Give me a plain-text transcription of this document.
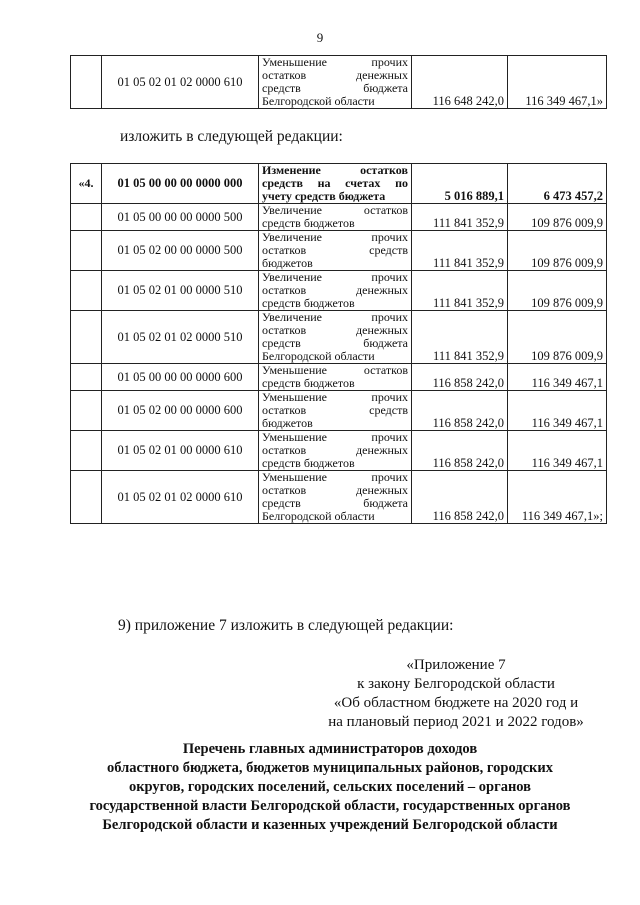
9
	01 05 02 01 02 0000 610	
Уменьшение прочих
остатков денежных
средств бюджета
Белгородской области	116 648 242,0	116 349 467,1»
изложить в следующей редакции:
«4.	01 05 00 00 00 0000 000	Изменение остатков
средств на счетах по
учету средств бюджета	5 016 889,1	6 473 457,2
	01 05 00 00 00 0000 500	Увеличение остатков
средств бюджетов	111 841 352,9	109 876 009,9
	01 05 02 00 00 0000 500	Увеличение прочих
остатков средств
бюджетов	111 841 352,9	109 876 009,9
	01 05 02 01 00 0000 510	Увеличение прочих
остатков денежных
средств бюджетов	111 841 352,9	109 876 009,9
	01 05 02 01 02 0000 510	Увеличение прочих
остатков денежных
средств бюджета
Белгородской области	111 841 352,9	109 876 009,9
	01 05 00 00 00 0000 600	Уменьшение остатков
средств бюджетов	116 858 242,0	116 349 467,1
	01 05 02 00 00 0000 600	Уменьшение прочих
остатков средств
бюджетов	116 858 242,0	116 349 467,1
	01 05 02 01 00 0000 610	Уменьшение прочих
остатков денежных
средств бюджетов	116 858 242,0	116 349 467,1
	01 05 02 01 02 0000 610	Уменьшение прочих
остатков денежных
средств бюджета
Белгородской области	116 858 242,0	116 349 467,1»;
9) приложение 7 изложить в следующей редакции:
«Приложение 7
к закону Белгородской области
«Об областном бюджете на 2020 год и
на плановый период 2021 и 2022 годов»
Перечень главных администраторов доходов
областного бюджета, бюджетов муниципальных районов, городских
округов, городских поселений, сельских поселений – органов
государственной власти Белгородской области, государственных органов
Белгородской области и казенных учреждений Белгородской области
